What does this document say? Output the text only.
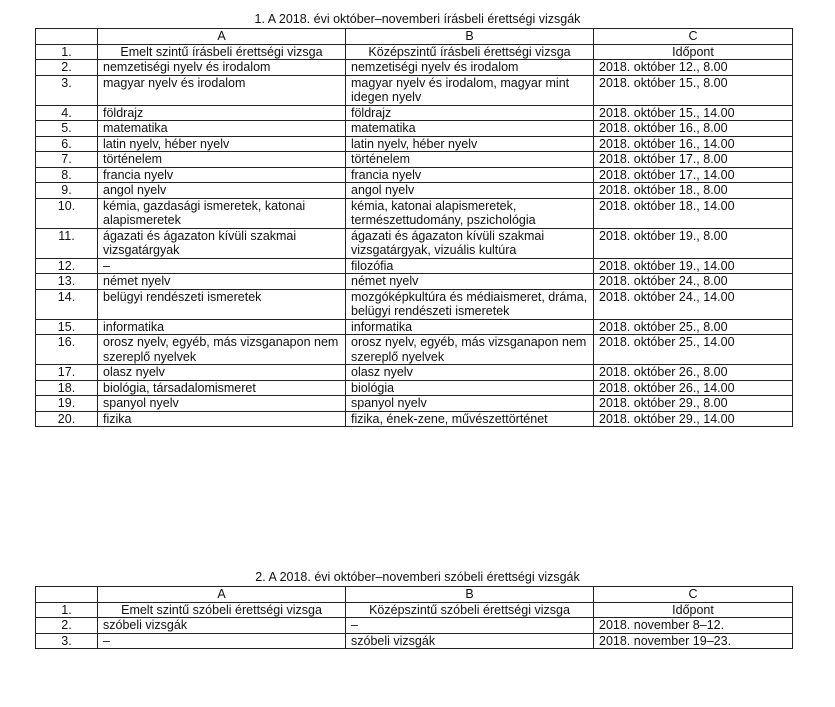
1. A 2018. évi október–novemberi írásbeli érettségi vizsgák
	A	B	C
1.	Emelt szintű írásbeli érettségi vizsga	Középszintű írásbeli érettségi vizsga	Időpont
2.	nemzetiségi nyelv és irodalom	nemzetiségi nyelv és irodalom	2018. október 12., 8.00
3.	magyar nyelv és irodalom	magyar nyelv és irodalom, magyar mint idegen nyelv	2018. október 15., 8.00
4.	földrajz	földrajz	2018. október 15., 14.00
5.	matematika	matematika	2018. október 16., 8.00
6.	latin nyelv, héber nyelv	latin nyelv, héber nyelv	2018. október 16., 14.00
7.	történelem	történelem	2018. október 17., 8.00
8.	francia nyelv	francia nyelv	2018. október 17., 14.00
9.	angol nyelv	angol nyelv	2018. október 18., 8.00
10.	kémia, gazdasági ismeretek, katonai alapismeretek	kémia, katonai alapismeretek, természettudomány, pszichológia	2018. október 18., 14.00
11.	ágazati és ágazaton kívüli szakmai vizsgatárgyak	ágazati és ágazaton kívüli szakmai vizsgatárgyak, vizuális kultúra	2018. október 19., 8.00
12.	–	filozófia	2018. október 19., 14.00
13.	német nyelv	német nyelv	2018. október 24., 8.00
14.	belügyi rendészeti ismeretek	mozgóképkultúra és médiaismeret, dráma, belügyi rendészeti ismeretek	2018. október 24., 14.00
15.	informatika	informatika	2018. október 25., 8.00
16.	orosz nyelv, egyéb, más vizsganapon nem szereplő nyelvek	orosz nyelv, egyéb, más vizsganapon nem szereplő nyelvek	2018. október 25., 14.00
17.	olasz nyelv	olasz nyelv	2018. október 26., 8.00
18.	biológia, társadalomismeret	biológia	2018. október 26., 14.00
19.	spanyol nyelv	spanyol nyelv	2018. október 29., 8.00
20.	fizika	fizika, ének-zene, művészettörténet	2018. október 29., 14.00
2. A 2018. évi október–novemberi szóbeli érettségi vizsgák
	A	B	C
1.	Emelt szintű szóbeli érettségi vizsga	Középszintű szóbeli érettségi vizsga	Időpont
2.	szóbeli vizsgák	–	2018. november 8–12.
3.	–	szóbeli vizsgák	2018. november 19–23.
